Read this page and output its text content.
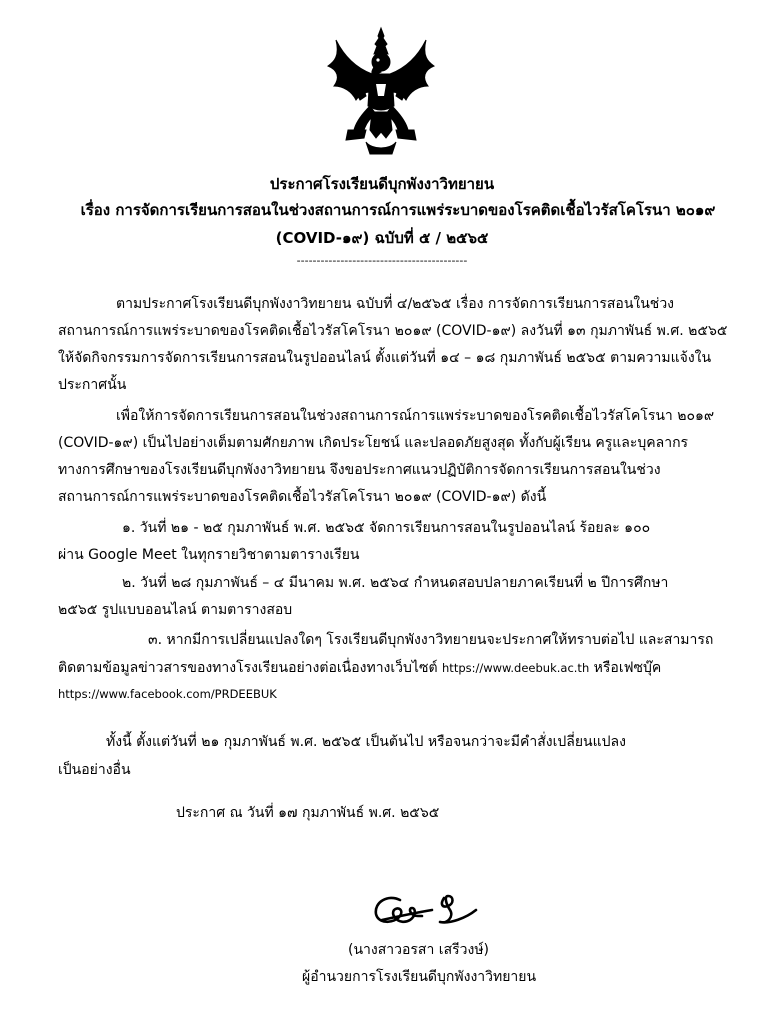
ประกาศโรงเรียนดีบุกพังงาวิทยายน
เรื่อง การจัดการเรียนการสอนในช่วงสถานการณ์การแพร่ระบาดของโรคติดเชื้อไวรัสโคโรนา ๒๐๑๙
(COVID-๑๙) ฉบับที่ ๕ / ๒๕๖๕
-------------------------------------------
ตามประกาศโรงเรียนดีบุกพังงาวิทยายน ฉบับที่ ๔/๒๕๖๕ เรื่อง การจัดการเรียนการสอนในช่วง
สถานการณ์การแพร่ระบาดของโรคติดเชื้อไวรัสโคโรนา ๒๐๑๙ (COVID-๑๙) ลงวันที่ ๑๓ กุมภาพันธ์ พ.ศ. ๒๕๖๕
ให้จัดกิจกรรมการจัดการเรียนการสอนในรูปออนไลน์ ตั้งแต่วันที่ ๑๔ – ๑๘ กุมภาพันธ์ ๒๕๖๕ ตามความแจ้งใน
ประกาศนั้น
เพื่อให้การจัดการเรียนการสอนในช่วงสถานการณ์การแพร่ระบาดของโรคติดเชื้อไวรัสโคโรนา ๒๐๑๙
(COVID-๑๙) เป็นไปอย่างเต็มตามศักยภาพ เกิดประโยชน์ และปลอดภัยสูงสุด ทั้งกับผู้เรียน ครูและบุคลากร
ทางการศึกษาของโรงเรียนดีบุกพังงาวิทยายน จึงขอประกาศแนวปฏิบัติการจัดการเรียนการสอนในช่วง
สถานการณ์การแพร่ระบาดของโรคติดเชื้อไวรัสโคโรนา ๒๐๑๙ (COVID-๑๙) ดังนี้
๑. วันที่ ๒๑ - ๒๕ กุมภาพันธ์ พ.ศ. ๒๕๖๕ จัดการเรียนการสอนในรูปออนไลน์ ร้อยละ ๑๐๐
ผ่าน Google Meet ในทุกรายวิชาตามตารางเรียน
๒. วันที่ ๒๘ กุมภาพันธ์ – ๔ มีนาคม พ.ศ. ๒๕๖๔ กำหนดสอบปลายภาคเรียนที่ ๒ ปีการศึกษา
๒๕๖๕ รูปแบบออนไลน์ ตามตารางสอบ
๓. หากมีการเปลี่ยนแปลงใดๆ โรงเรียนดีบุกพังงาวิทยายนจะประกาศให้ทราบต่อไป และสามารถ
ติดตามข้อมูลข่าวสารของทางโรงเรียนอย่างต่อเนื่องทางเว็บไซต์ https://www.deebuk.ac.th หรือเฟซบุ๊ค
https://www.facebook.com/PRDEEBUK
ทั้งนี้ ตั้งแต่วันที่ ๒๑ กุมภาพันธ์ พ.ศ. ๒๕๖๕ เป็นต้นไป หรือจนกว่าจะมีคำสั่งเปลี่ยนแปลง
เป็นอย่างอื่น
ประกาศ ณ วันที่ ๑๗ กุมภาพันธ์ พ.ศ. ๒๕๖๕
(นางสาวอรสา เสรีวงษ์)
ผู้อำนวยการโรงเรียนดีบุกพังงาวิทยายน
